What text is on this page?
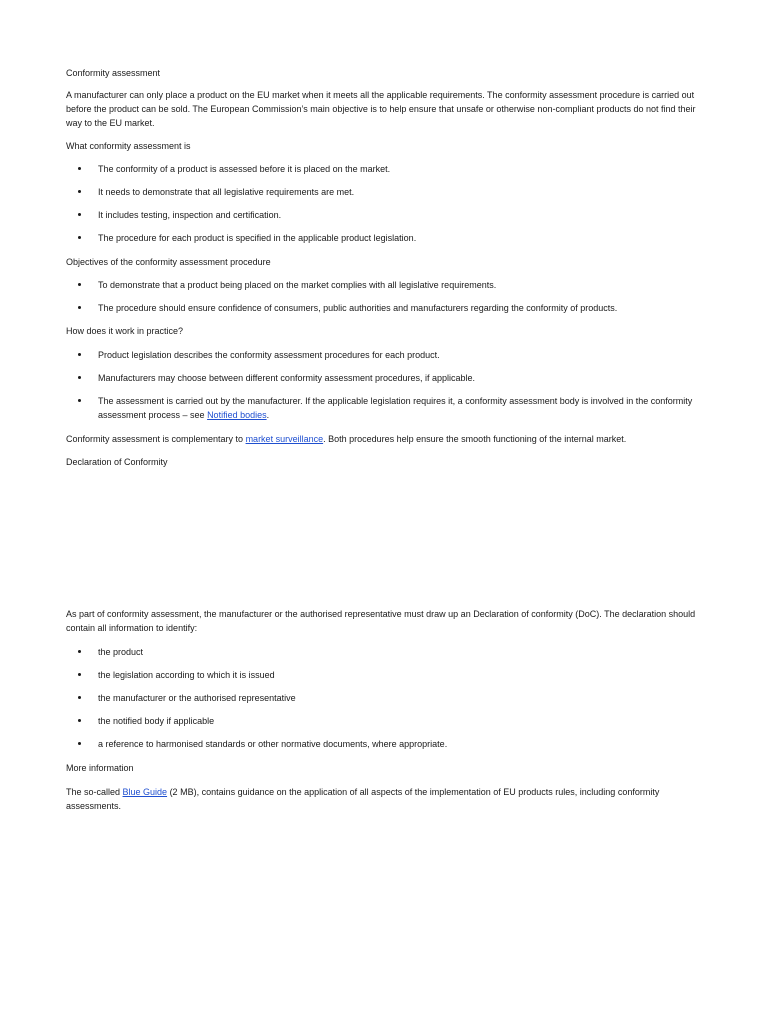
Conformity assessment

A manufacturer can only place a product on the EU market when it meets all the applicable requirements. The conformity assessment procedure is carried out before the product can be sold. The European Commission’s main objective is to help ensure that unsafe or otherwise non-compliant products do not find their way to the EU market.

What conformity assessment is

The conformity of a product is assessed before it is placed on the market.
It needs to demonstrate that all legislative requirements are met.
It includes testing, inspection and certification.
The procedure for each product is specified in the applicable product legislation.

Objectives of the conformity assessment procedure

To demonstrate that a product being placed on the market complies with all legislative requirements.
The procedure should ensure confidence of consumers, public authorities and manufacturers regarding the conformity of products.

How does it work in practice?

Product legislation describes the conformity assessment procedures for each product.
Manufacturers may choose between different conformity assessment procedures, if applicable.
The assessment is carried out by the manufacturer. If the applicable legislation requires it, a conformity assessment body is involved in the conformity assessment process – see Notified bodies.

Conformity assessment is complementary to market surveillance. Both procedures help ensure the smooth functioning of the internal market.

Declaration of Conformity

As part of conformity assessment, the manufacturer or the authorised representative must draw up an Declaration of conformity (DoC). The declaration should contain all information to identify:

the product
the legislation according to which it is issued
the manufacturer or the authorised representative
the notified body if applicable
a reference to harmonised standards or other normative documents, where appropriate.

More information

The so-called Blue Guide (2 MB), contains guidance on the application of all aspects of the implementation of EU products rules, including conformity assessments.
